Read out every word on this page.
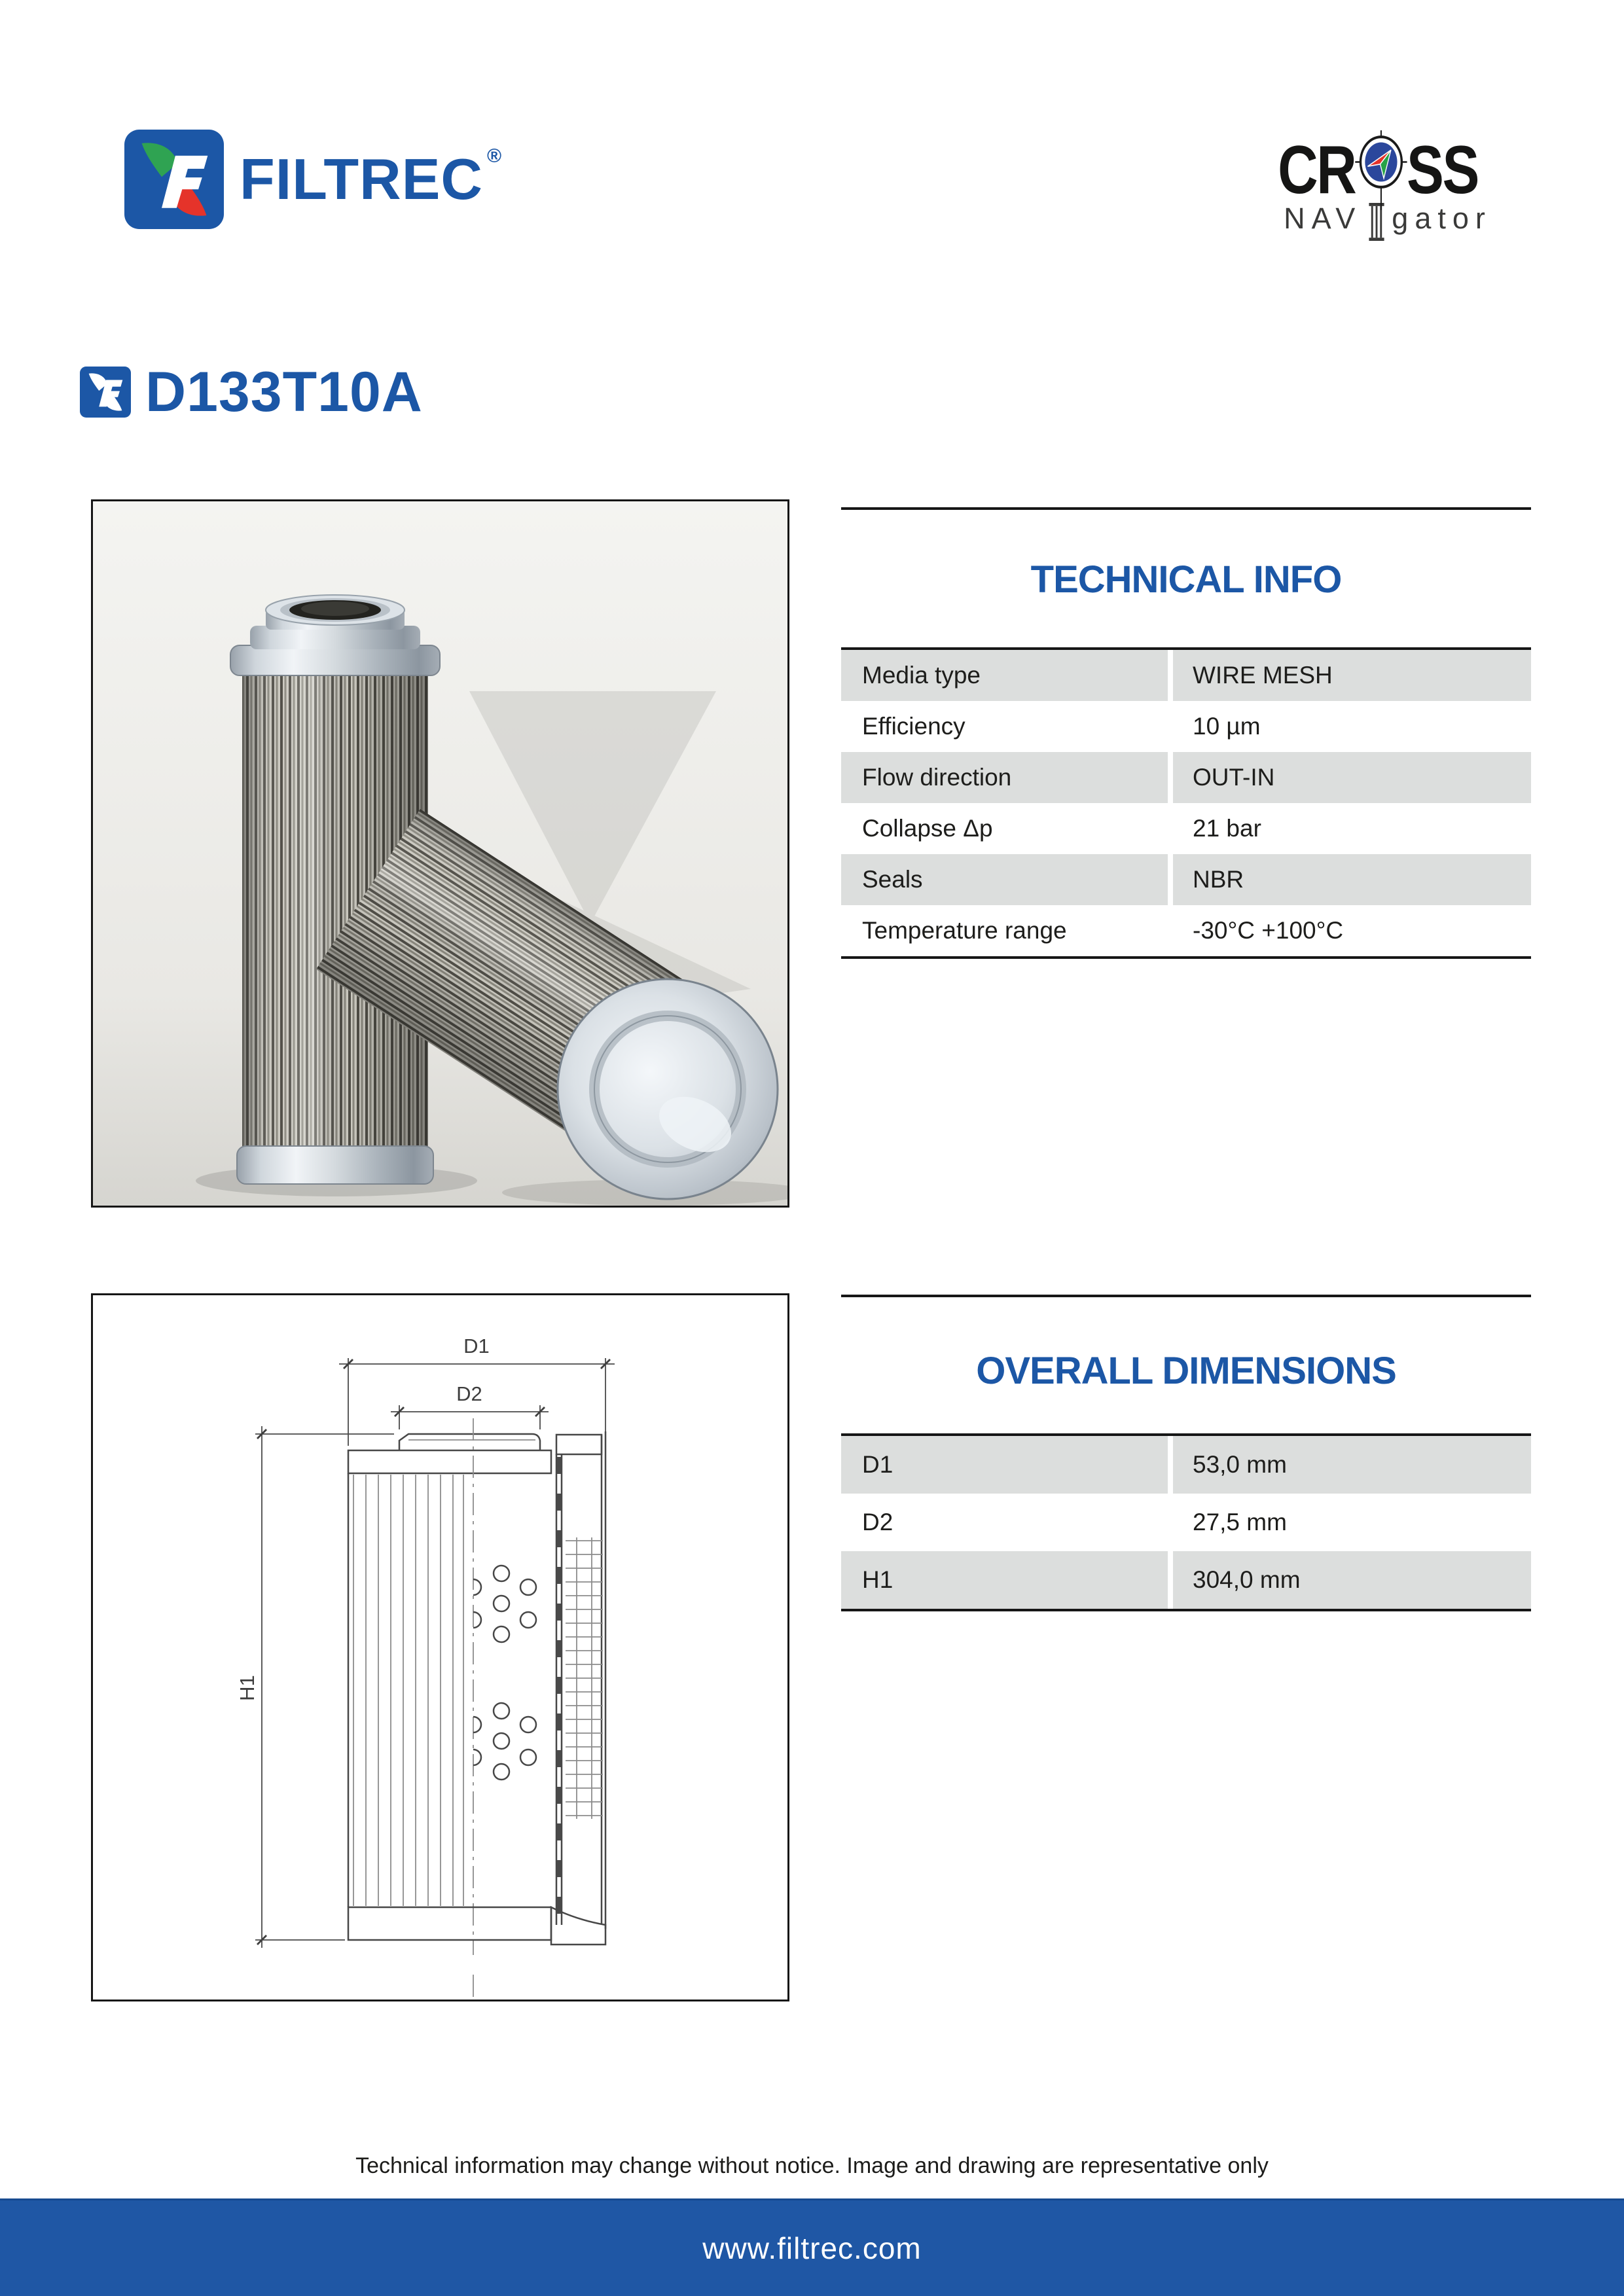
FILTREC ®	CR SS
NAV gator
D133T10A
TECHNICAL INFO
Media type	WIRE MESH
Efficiency	10 µm
Flow direction	OUT-IN
Collapse Δp	21 bar
Seals	NBR
Temperature range	-30°C +100°C
D1
D2
H1
OVERALL DIMENSIONS
D1	53,0 mm
D2	27,5 mm
H1	304,0 mm
Technical information may change without notice. Image and drawing are representative only
www.filtrec.com
